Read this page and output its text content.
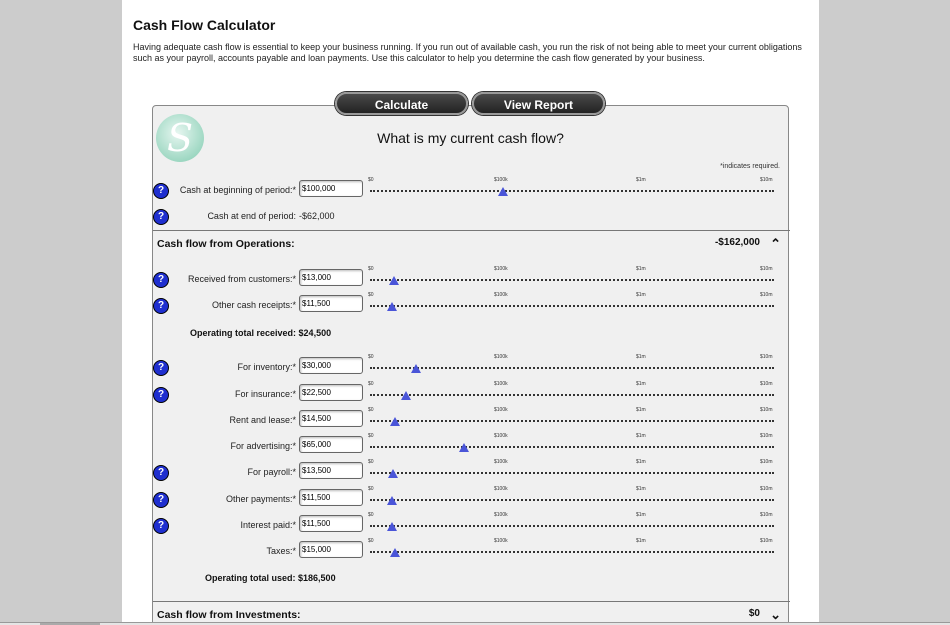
Cash Flow Calculator
Having adequate cash flow is essential to keep your business running. If you run out of available cash, you run the risk of not being able to meet your current obligations such as your payroll, accounts payable and loan payments. Use this calculator to help you determine the cash flow generated by your business.
Calculate	View Report
S	What is my current cash flow?
*indicates required.
?	Cash at beginning of period:*
$100,000
$0	$100k	$1m	$10m
?	Cash at end of period: -$62,000
Cash flow from Operations:	-$162,000 ⌃
?	Received from customers:*
$13,000
$0	$100k	$1m	$10m
?	Other cash receipts:*
$11,500
$0	$100k	$1m	$10m
Operating total received: $24,500
?	For inventory:*
$30,000
$0	$100k	$1m	$10m
?	For insurance:*
$22,500
$0	$100k	$1m	$10m
Rent and lease:*
$14,500
$0	$100k	$1m	$10m
For advertising:*
$65,000
$0	$100k	$1m	$10m
?	For payroll:*
$13,500
$0	$100k	$1m	$10m
?	Other payments:*
$11,500
$0	$100k	$1m	$10m
?	Interest paid:*
$11,500
$0	$100k	$1m	$10m
Taxes:*
$15,000
$0	$100k	$1m	$10m
Operating total used: $186,500
Cash flow from Investments:	$0 ⌄
